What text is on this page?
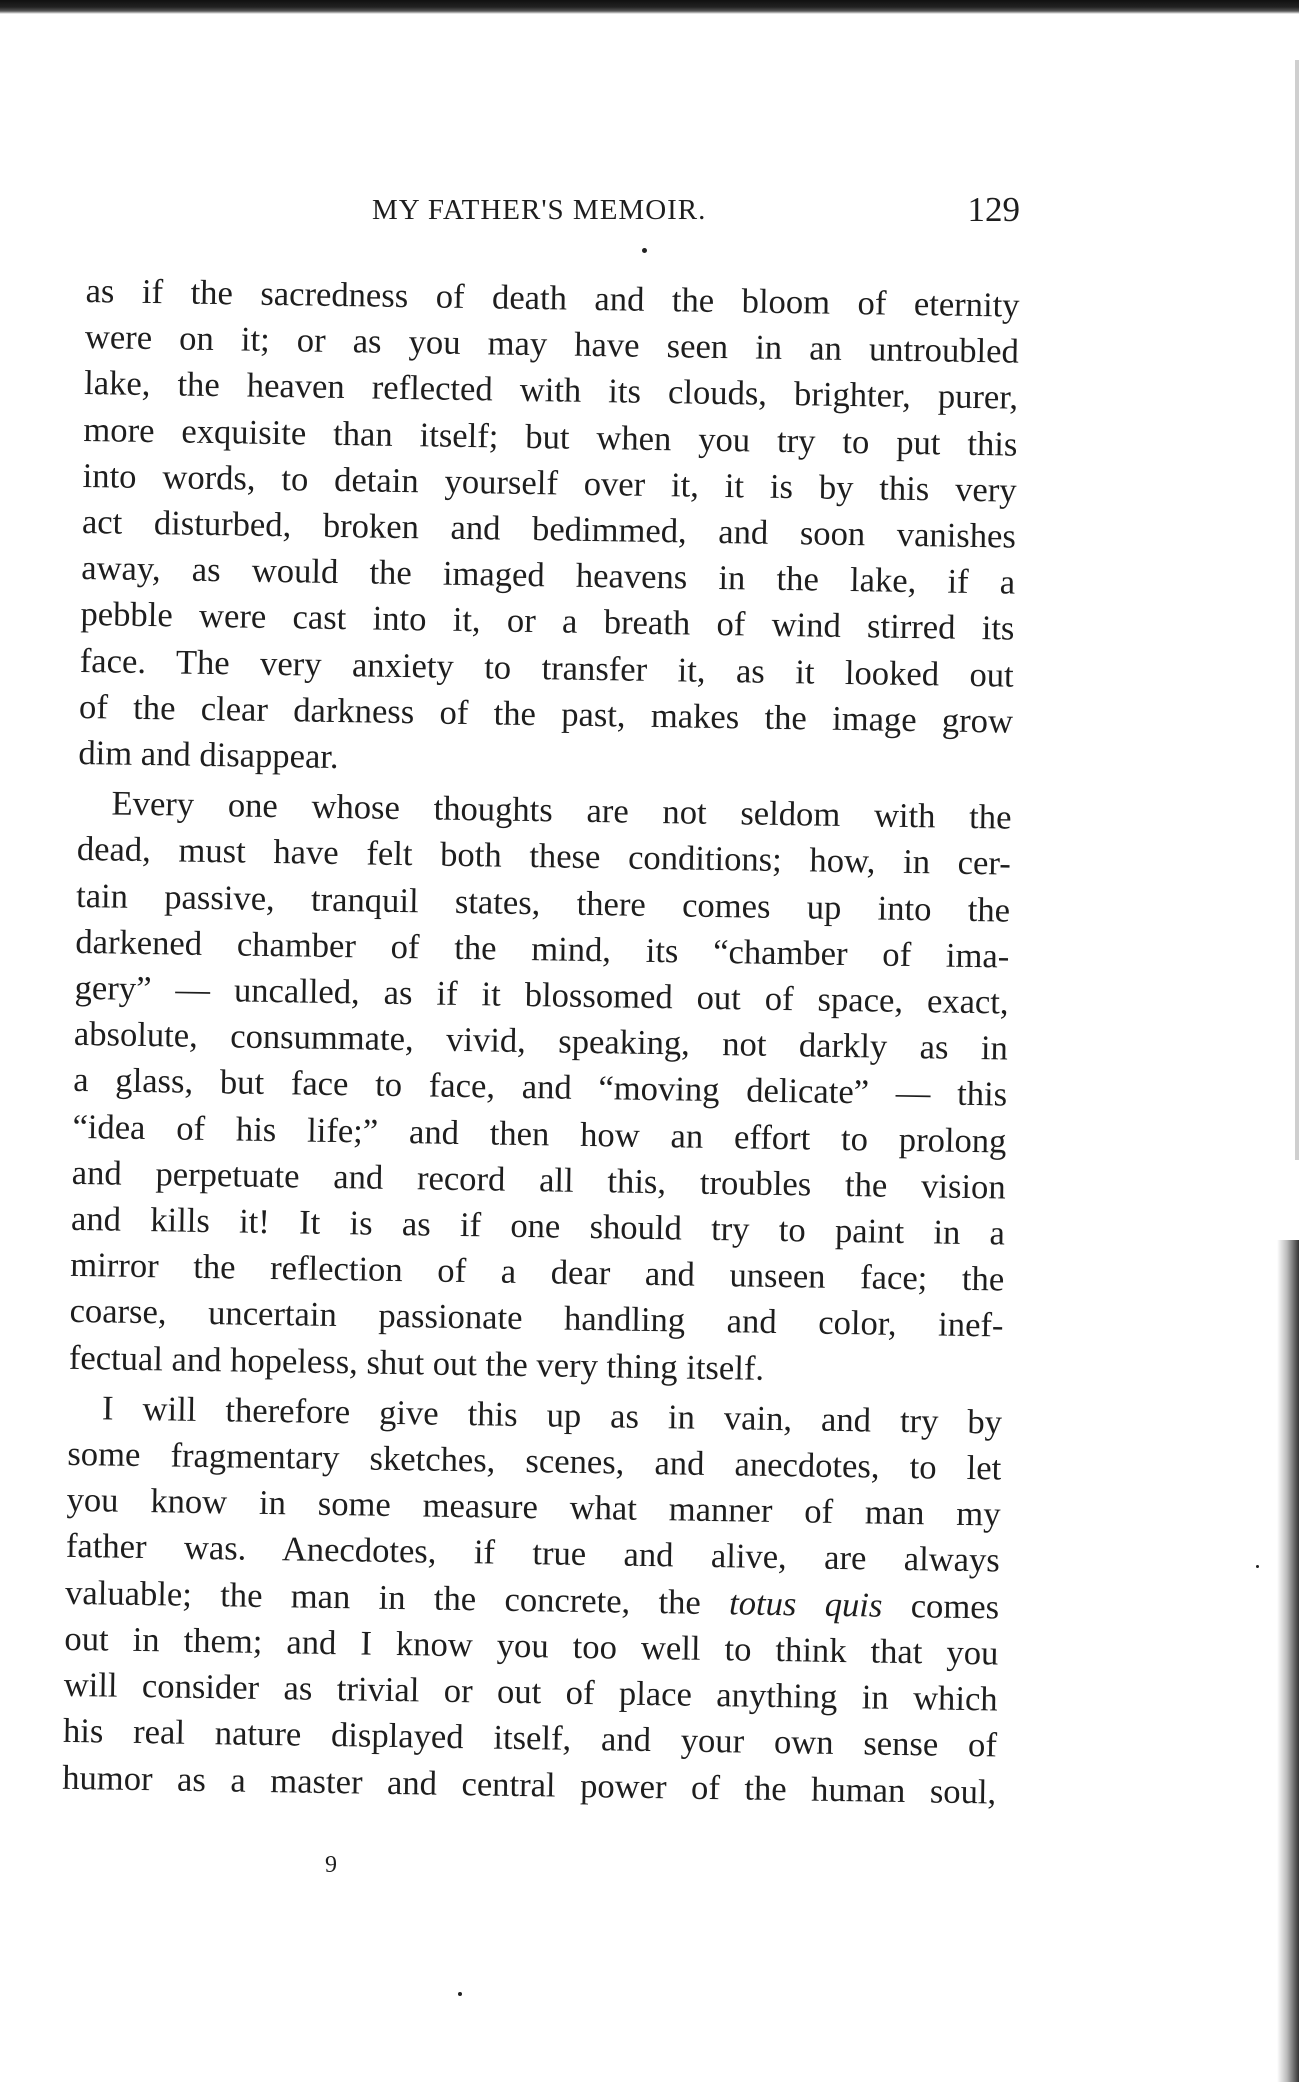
MY FATHER'S MEMOIR.	129

as if the sacredness of death and the bloom of eternity
were on it; or as you may have seen in an untroubled
lake, the heaven reflected with its clouds, brighter, purer,
more exquisite than itself; but when you try to put this
into words, to detain yourself over it, it is by this very
act disturbed, broken and bedimmed, and soon vanishes
away, as would the imaged heavens in the lake, if a
pebble were cast into it, or a breath of wind stirred its
face. The very anxiety to transfer it, as it looked out
of the clear darkness of the past, makes the image grow
dim and disappear.

Every one whose thoughts are not seldom with the
dead, must have felt both these conditions; how, in cer-
tain passive, tranquil states, there comes up into the
darkened chamber of the mind, its “chamber of ima-
gery” — uncalled, as if it blossomed out of space, exact,
absolute, consummate, vivid, speaking, not darkly as in
a glass, but face to face, and “moving delicate” — this
“idea of his life;” and then how an effort to prolong
and perpetuate and record all this, troubles the vision
and kills it! It is as if one should try to paint in a
mirror the reflection of a dear and unseen face; the
coarse, uncertain passionate handling and color, inef-
fectual and hopeless, shut out the very thing itself.

I will therefore give this up as in vain, and try by
some fragmentary sketches, scenes, and anecdotes, to let
you know in some measure what manner of man my
father was. Anecdotes, if true and alive, are always
valuable; the man in the concrete, the totus quis comes
out in them; and I know you too well to think that you
will consider as trivial or out of place anything in which
his real nature displayed itself, and your own sense of
humor as a master and central power of the human soul,

9
